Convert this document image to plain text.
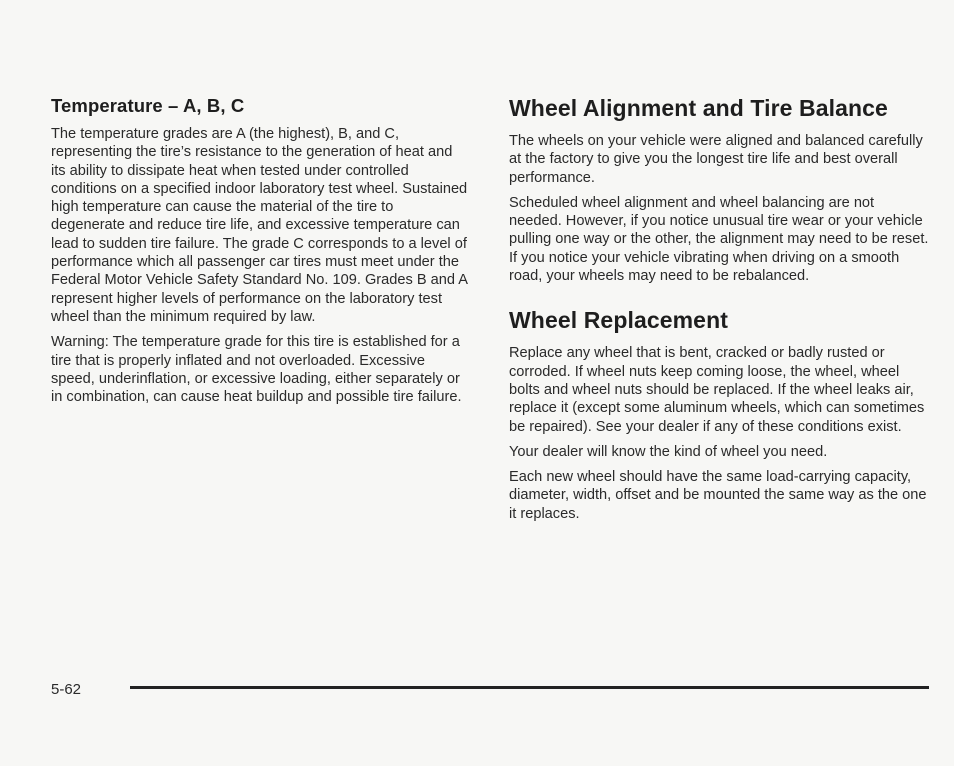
Temperature – A, B, C

The temperature grades are A (the highest), B, and C, representing the tire’s resistance to the generation of heat and its ability to dissipate heat when tested under controlled conditions on a specified indoor laboratory test wheel. Sustained high temperature can cause the material of the tire to degenerate and reduce tire life, and excessive temperature can lead to sudden tire failure. The grade C corresponds to a level of performance which all passenger car tires must meet under the Federal Motor Vehicle Safety Standard No. 109. Grades B and A represent higher levels of performance on the laboratory test wheel than the minimum required by law.

Warning: The temperature grade for this tire is established for a tire that is properly inflated and not overloaded. Excessive speed, underinflation, or excessive loading, either separately or in combination, can cause heat buildup and possible tire failure.

Wheel Alignment and Tire Balance

The wheels on your vehicle were aligned and balanced carefully at the factory to give you the longest tire life and best overall performance.

Scheduled wheel alignment and wheel balancing are not needed. However, if you notice unusual tire wear or your vehicle pulling one way or the other, the alignment may need to be reset. If you notice your vehicle vibrating when driving on a smooth road, your wheels may need to be rebalanced.

Wheel Replacement

Replace any wheel that is bent, cracked or badly rusted or corroded. If wheel nuts keep coming loose, the wheel, wheel bolts and wheel nuts should be replaced. If the wheel leaks air, replace it (except some aluminum wheels, which can sometimes be repaired). See your dealer if any of these conditions exist.

Your dealer will know the kind of wheel you need.

Each new wheel should have the same load-carrying capacity, diameter, width, offset and be mounted the same way as the one it replaces.

5-62
